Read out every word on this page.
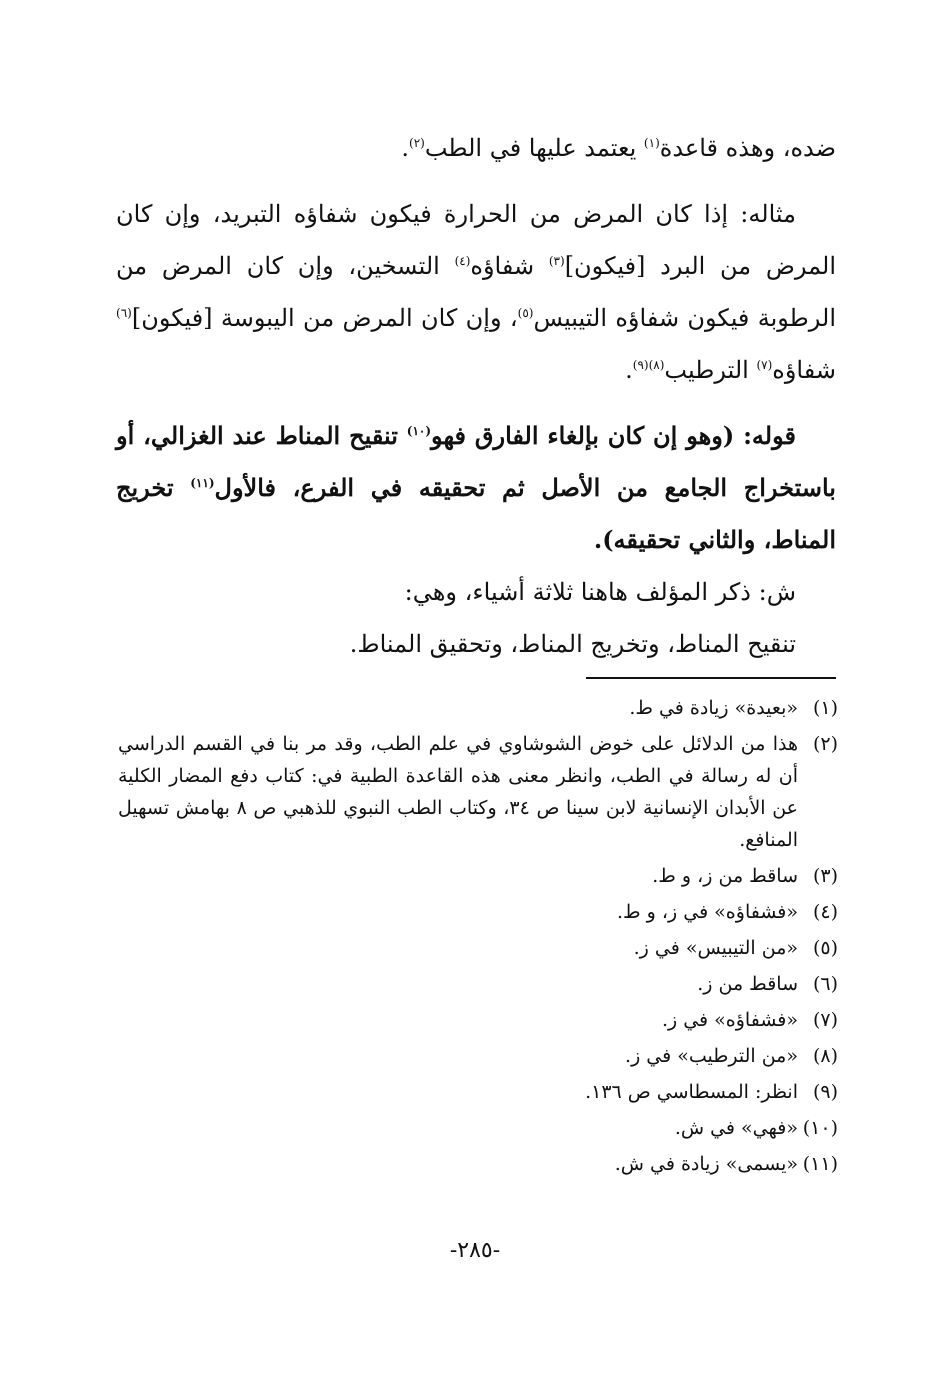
ضده، وهذه قاعدة$^{(١)}$ يعتمد عليها في الطب$^{(٢)}$.

مثاله: إذا كان المرض من الحرارة فيكون شفاؤه التبريد، وإن كان المرض من البرد [فيكون]$^{(٣)}$ شفاؤه$^{(٤)}$ التسخين، وإن كان المرض من الرطوبة فيكون شفاؤه التيبيس$^{(٥)}$، وإن كان المرض من اليبوسة [فيكون]$^{(٦)}$ شفاؤه$^{(٧)}$ الترطيب$^{(٨)(٩)}$.

قوله: (وهو إن كان بإلغاء الفارق فهو$^{(١٠)}$ تنقيح المناط عند الغزالي، أو باستخراج الجامع من الأصل ثم تحقيقه في الفرع، فالأول$^{(١١)}$ تخريج المناط، والثاني تحقيقه).

ش: ذكر المؤلف هاهنا ثلاثة أشياء، وهي:

تنقيح المناط، وتخريج المناط، وتحقيق المناط.

(١)
«بعيدة» زيادة في ط.
(٢)
هذا من الدلائل على خوض الشوشاوي في علم الطب، وقد مر بنا في القسم الدراسي أن له رسالة في الطب، وانظر معنى هذه القاعدة الطبية في: كتاب دفع المضار الكلية عن الأبدان الإنسانية لابن سينا ص ٣٤، وكتاب الطب النبوي للذهبي ص ٨ بهامش تسهيل المنافع.
(٣)
ساقط من ز، و ط.
(٤)
«فشفاؤه» في ز، و ط.
(٥)
«من التيبيس» في ز.
(٦)
ساقط من ز.
(٧)
«فشفاؤه» في ز.
(٨)
«من الترطيب» في ز.
(٩)
انظر: المسطاسي ص ١٣٦.
(١٠)
«فهي» في ش.
(١١)
«يسمى» زيادة في ش.
-٢٨٥-
